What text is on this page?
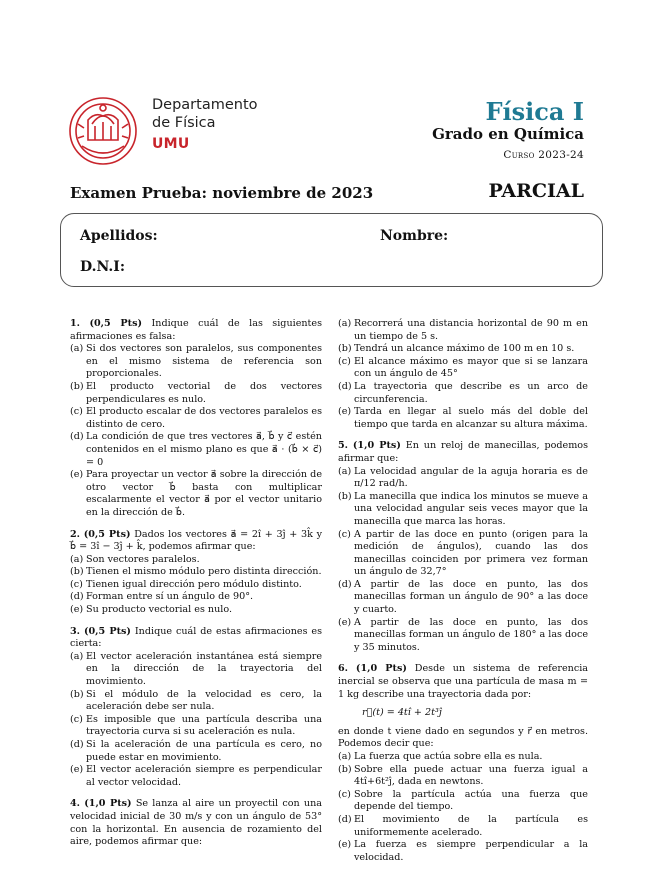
Departamento
de Física
UMU
Física I
Grado en Química
Curso 2023-24
Examen Prueba: noviembre de 2023	PARCIAL
Apellidos:	Nombre:
D.N.I:

1. (0,5 Pts) Indique cuál de las siguientes afirmaciones es falsa:

(a) Si dos vectores son paralelos, sus componentes en el mismo sistema de referencia son proporcionales.
(b) El producto vectorial de dos vectores perpendiculares es nulo.
(c) El producto escalar de dos vectores paralelos es distinto de cero.
(d) La condición de que tres vectores a⃗, b⃗ y c⃗ estén contenidos en el mismo plano es que a⃗ · (b⃗ × c⃗) = 0
(e) Para proyectar un vector a⃗ sobre la dirección de otro vector b⃗ basta con multiplicar escalarmente el vector a⃗ por el vector unitario en la dirección de b⃗.

2. (0,5 Pts) Dados los vectores a⃗ = 2î + 3ĵ + 3k̂ y b⃗ = 3î − 3ĵ + k̂, podemos afirmar que:

(a) Son vectores paralelos.
(b) Tienen el mismo módulo pero distinta dirección.
(c) Tienen igual dirección pero módulo distinto.
(d) Forman entre sí un ángulo de 90°.
(e) Su producto vectorial es nulo.

3. (0,5 Pts) Indique cuál de estas afirmaciones es cierta:

(a) El vector aceleración instantánea está siempre en la dirección de la trayectoria del movimiento.
(b) Si el módulo de la velocidad es cero, la aceleración debe ser nula.
(c) Es imposible que una partícula describa una trayectoria curva si su aceleración es nula.
(d) Si la aceleración de una partícula es cero, no puede estar en movimiento.
(e) El vector aceleración siempre es perpendicular al vector velocidad.

4. (1,0 Pts) Se lanza al aire un proyectil con una velocidad inicial de 30 m/s y con un ángulo de 53° con la horizontal. En ausencia de rozamiento del aire, podemos afirmar que:

(a) Recorrerá una distancia horizontal de 90 m en un tiempo de 5 s.
(b) Tendrá un alcance máximo de 100 m en 10 s.
(c) El alcance máximo es mayor que si se lanzara con un ángulo de 45°
(d) La trayectoria que describe es un arco de circunferencia.
(e) Tarda en llegar al suelo más del doble del tiempo que tarda en alcanzar su altura máxima.

5. (1,0 Pts) En un reloj de manecillas, podemos afirmar que:

(a) La velocidad angular de la aguja horaria es de π/12 rad/h.
(b) La manecilla que indica los minutos se mueve a una velocidad angular seis veces mayor que la manecilla que marca las horas.
(c) A partir de las doce en punto (origen para la medición de ángulos), cuando las dos manecillas coinciden por primera vez forman un ángulo de 32,7°
(d) A partir de las doce en punto, las dos manecillas forman un ángulo de 90° a las doce y cuarto.
(e) A partir de las doce en punto, las dos manecillas forman un ángulo de 180° a las doce y 35 minutos.

6. (1,0 Pts) Desde un sistema de referencia inercial se observa que una partícula de masa m = 1 kg describe una trayectoria dada por:

r⃗(t) = 4tî + 2t³ĵ

en donde t viene dado en segundos y r⃗ en metros. Podemos decir que:

(a) La fuerza que actúa sobre ella es nula.
(b) Sobre ella puede actuar una fuerza igual a 4tî+6t²ĵ, dada en newtons.
(c) Sobre la partícula actúa una fuerza que depende del tiempo.
(d) El movimiento de la partícula es uniformemente acelerado.
(e) La fuerza es siempre perpendicular a la velocidad.
